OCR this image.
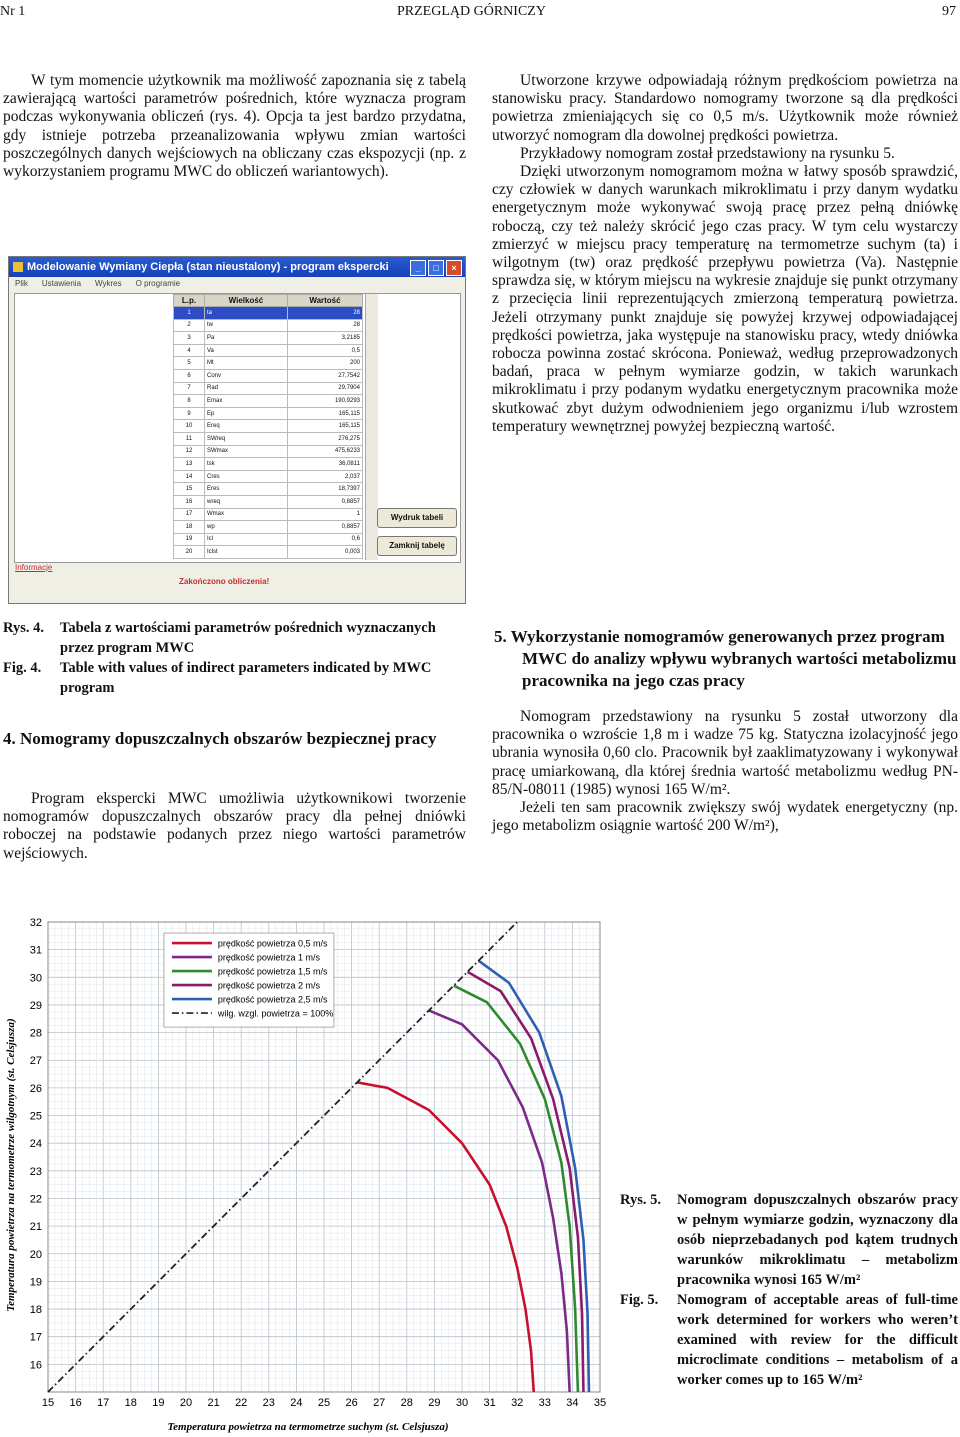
Nr 1	PRZEGLĄD GÓRNICZY	97

W tym momencie użytkownik ma możliwość zapoznania się z tabelą zawierającą wartości parametrów pośrednich, które wyznacza program podczas wykonywania obliczeń (rys. 4). Opcja ta jest bardzo przydatna, gdy istnieje potrzeba przeanalizowania wpływu zmian wartości poszczególnych danych wejściowych na obliczany czas ekspozycji (np. z wykorzystaniem programu MWC do obliczeń wariantowych).

Modelowanie Wymiany Ciepła (stan nieustalony) - program ekspercki	_	□	×
Plik Ustawienia Wykres O programie
L.p.	Wielkość	Wartość
1	ta	28
2	tw	28
3	Pa	3,2185
4	Va	0,5
5	Mt	200
6	Conv	27,7542
7	Rad	29,7904
8	Emax	190,9293
9	Ep	165,115
10	Ereq	165,115
11	SWreq	276,275
12	SWmax	475,6233
13	tsk	36,0811
14	Cres	2,037
15	Eres	18,7397
16	wreq	0,8857
17	Wmax	1
18	wp	0,8857
19	Icl	0,6
20	Iclst	0,003
Wydruk tabeli
Zamknij tabelę
Informacje
Zakończono obliczenia!
Rys. 4.	Tabela z wartościami parametrów pośrednich wyznaczanych przez program MWC
Fig. 4.	Table with values of indirect parameters indicated by MWC program
4. Nomogramy dopuszczalnych obszarów bezpiecznej pracy

Program ekspercki MWC umożliwia użytkownikowi tworzenie nomogramów dopuszczalnych obszarów pracy dla pełnej dniówki roboczej na podstawie podanych przez niego wartości parametrów wejściowych.

Utworzone krzywe odpowiadają różnym prędkościom powietrza na stanowisku pracy. Standardowo nomogramy tworzone są dla prędkości powietrza zmieniających się co 0,5 m/s. Użytkownik może również utworzyć nomogram dla dowolnej prędkości powietrza.

Przykładowy nomogram został przedstawiony na rysunku 5.

Dzięki utworzonym nomogramom można w łatwy sposób sprawdzić, czy człowiek w danych warunkach mikroklimatu i przy danym wydatku energetycznym może wykonywać swoją pracę przez pełną dniówkę roboczą, czy też należy skrócić jego czas pracy. W tym celu wystarczy zmierzyć w miejscu pracy temperaturę na termometrze suchym (ta) i wilgotnym (tw) oraz prędkość przepływu powietrza (Va). Następnie sprawdza się, w którym miejscu na wykresie znajduje się punkt otrzymany z przecięcia linii reprezentujących zmierzoną temperaturą powietrza. Jeżeli otrzymany punkt znajduje się powyżej krzywej odpowiadającej prędkości powietrza, jaka występuje na stanowisku pracy, wtedy dniówka robocza powinna zostać skrócona. Ponieważ, według przeprowadzonych badań, praca w pełnym wymiarze godzin, w takich warunkach mikroklimatu i przy podanym wydatku energetycznym pracownika może skutkować zbyt dużym odwodnieniem jego organizmu i/lub wzrostem temperatury wewnętrznej powyżej bezpieczną wartość.

5. Wykorzystanie nomogramów generowanych przez program MWC do analizy wpływu wybranych wartości metabolizmu pracownika na jego czas pracy

Nomogram przedstawiony na rysunku 5 został utworzony dla pracownika o wzroście 1,8 m i wadze 75 kg. Statyczna izolacyjność jego ubrania wynosiła 0,60 clo. Pracownik był zaaklimatyzowany i wykonywał pracę umiarkowaną, dla której średnia wartość metabolizmu według PN-85/N-08011 (1985) wynosi 165 W/m².

Jeżeli ten sam pracownik zwiększy swój wydatek energetyczny (np. jego metabolizm osiągnie wartość 200 W/m²),

15 16 17 18 19 20 21 22 23 24 25 26 27 28 29 30 31 32 33 34 35
16
17
18
19
20
21
22
23
24
25
26
27
28
29
30
31
32
prędkość powietrza 0,5 m/s
prędkość powietrza 1 m/s
prędkość powietrza 1,5 m/s
prędkość powietrza 2 m/s
prędkość powietrza 2,5 m/s
wilg. wzgl. powietrza = 100%
Temperatura powietrza na termometrze suchym (st. Celsjusza)
Temperatura powietrza na termometrze wilgotnym (st. Celsjusza)	Rys. 5.	Nomogram dopuszczalnych obszarów pracy w pełnym wymiarze godzin, wyznaczony dla osób nieprzebadanych pod kątem trudnych warunków mikroklimatu – metabolizm pracownika wynosi 165 W/m²
Fig. 5.	Nomogram of acceptable areas of full-time work determined for workers who weren’t examined with review for the difficult microclimate conditions – metabolism of a worker comes up to 165 W/m²
